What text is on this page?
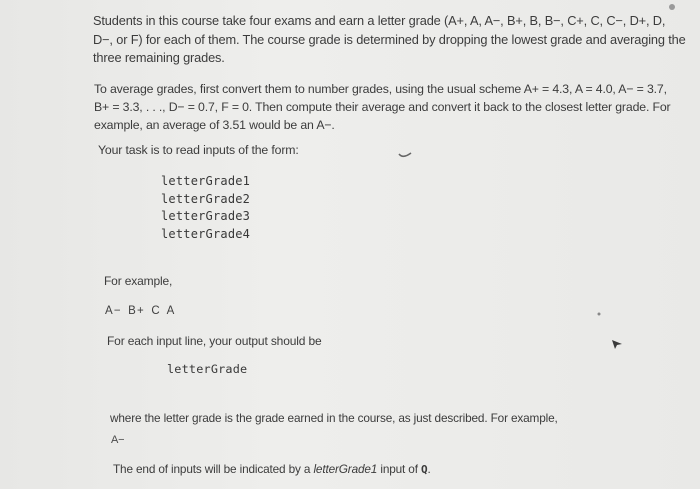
Students in this course take four exams and earn a letter grade (A+, A, A−, B+, B, B−, C+, C, C−, D+, D, D−, or F) for each of them. The course grade is determined by dropping the lowest grade and averaging the three remaining grades.

To average grades, first convert them to number grades, using the usual scheme A+ = 4.3, A = 4.0, A− = 3.7, B+ = 3.3, . . ., D− = 0.7, F = 0. Then compute their average and convert it back to the closest letter grade. For example, an average of 3.51 would be an A−.

Your task is to read inputs of the form:

letterGrade1
letterGrade2
letterGrade3
letterGrade4

For example,

A− B+ C A

For each input line, your output should be

letterGrade

where the letter grade is the grade earned in the course, as just described. For example,

A−

The end of inputs will be indicated by a letterGrade1 input of Q.
